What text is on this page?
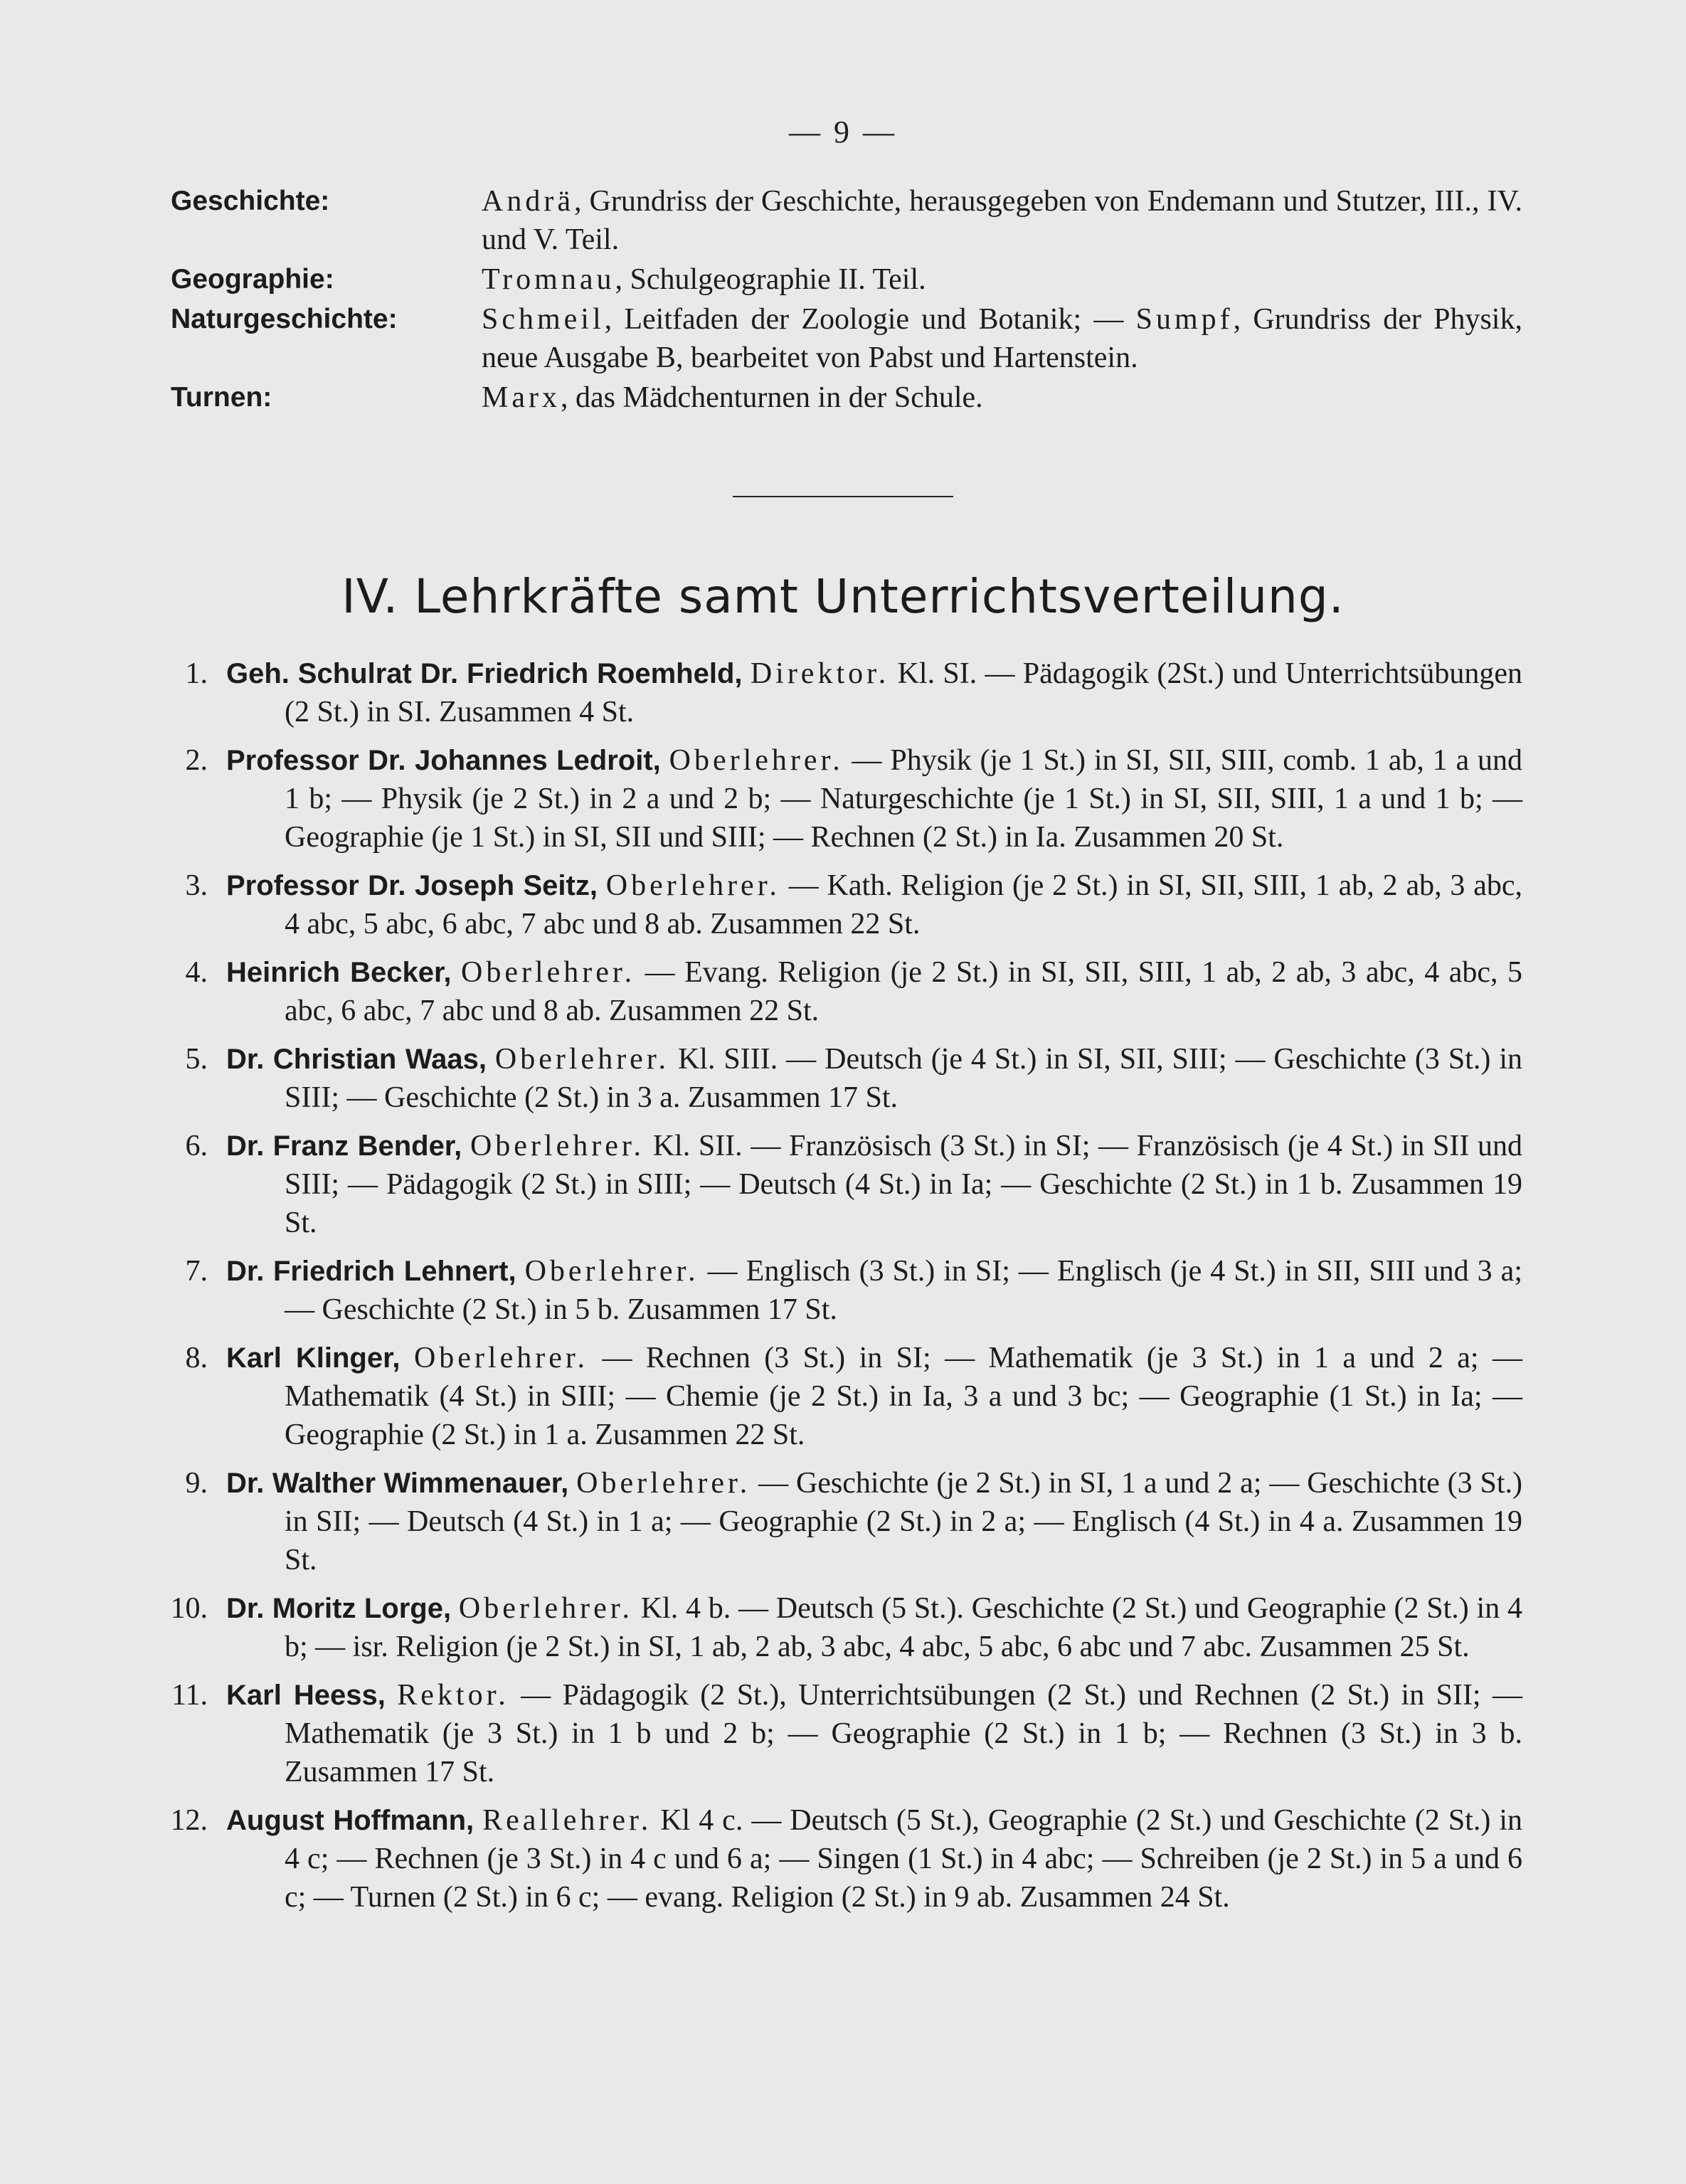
— 9 —
Geschichte:	Andrä, Grundriss der Geschichte, herausgegeben von Endemann und Stutzer, III., IV. und V. Teil.
Geographie:	Tromnau, Schulgeographie II. Teil.
Naturgeschichte:	Schmeil, Leitfaden der Zoologie und Botanik; — Sumpf, Grundriss der Physik, neue Ausgabe B, bearbeitet von Pabst und Hartenstein.
Turnen:	Marx, das Mädchenturnen in der Schule.
IV. Lehrkräfte samt Unterrichtsverteilung.
1. Geh. Schulrat Dr. Friedrich Roemheld, Direktor. Kl. SI. — Pädagogik (2St.) und Unterrichtsübungen (2 St.) in SI. Zusammen 4 St.
2. Professor Dr. Johannes Ledroit, Oberlehrer. — Physik (je 1 St.) in SI, SII, SIII, comb. 1 ab, 1 a und 1 b; — Physik (je 2 St.) in 2 a und 2 b; — Naturgeschichte (je 1 St.) in SI, SII, SIII, 1 a und 1 b; — Geographie (je 1 St.) in SI, SII und SIII; — Rechnen (2 St.) in Ia. Zusammen 20 St.
3. Professor Dr. Joseph Seitz, Oberlehrer. — Kath. Religion (je 2 St.) in SI, SII, SIII, 1 ab, 2 ab, 3 abc, 4 abc, 5 abc, 6 abc, 7 abc und 8 ab. Zusammen 22 St.
4. Heinrich Becker, Oberlehrer. — Evang. Religion (je 2 St.) in SI, SII, SIII, 1 ab, 2 ab, 3 abc, 4 abc, 5 abc, 6 abc, 7 abc und 8 ab. Zusammen 22 St.
5. Dr. Christian Waas, Oberlehrer. Kl. SIII. — Deutsch (je 4 St.) in SI, SII, SIII; — Geschichte (3 St.) in SIII; — Geschichte (2 St.) in 3 a. Zusammen 17 St.
6. Dr. Franz Bender, Oberlehrer. Kl. SII. — Französisch (3 St.) in SI; — Französisch (je 4 St.) in SII und SIII; — Pädagogik (2 St.) in SIII; — Deutsch (4 St.) in Ia; — Geschichte (2 St.) in 1 b. Zusammen 19 St.
7. Dr. Friedrich Lehnert, Oberlehrer. — Englisch (3 St.) in SI; — Englisch (je 4 St.) in SII, SIII und 3 a; — Geschichte (2 St.) in 5 b. Zusammen 17 St.
8. Karl Klinger, Oberlehrer. — Rechnen (3 St.) in SI; — Mathematik (je 3 St.) in 1 a und 2 a; — Mathematik (4 St.) in SIII; — Chemie (je 2 St.) in Ia, 3 a und 3 bc; — Geographie (1 St.) in Ia; — Geographie (2 St.) in 1 a. Zusammen 22 St.
9. Dr. Walther Wimmenauer, Oberlehrer. — Geschichte (je 2 St.) in SI, 1 a und 2 a; — Geschichte (3 St.) in SII; — Deutsch (4 St.) in 1 a; — Geographie (2 St.) in 2 a; — Englisch (4 St.) in 4 a. Zusammen 19 St.
10. Dr. Moritz Lorge, Oberlehrer. Kl. 4 b. — Deutsch (5 St.). Geschichte (2 St.) und Geographie (2 St.) in 4 b; — isr. Religion (je 2 St.) in SI, 1 ab, 2 ab, 3 abc, 4 abc, 5 abc, 6 abc und 7 abc. Zusammen 25 St.
11. Karl Heess, Rektor. — Pädagogik (2 St.), Unterrichtsübungen (2 St.) und Rechnen (2 St.) in SII; — Mathematik (je 3 St.) in 1 b und 2 b; — Geographie (2 St.) in 1 b; — Rechnen (3 St.) in 3 b. Zusammen 17 St.
12. August Hoffmann, Reallehrer. Kl 4 c. — Deutsch (5 St.), Geographie (2 St.) und Geschichte (2 St.) in 4 c; — Rechnen (je 3 St.) in 4 c und 6 a; — Singen (1 St.) in 4 abc; — Schreiben (je 2 St.) in 5 a und 6 c; — Turnen (2 St.) in 6 c; — evang. Religion (2 St.) in 9 ab. Zusammen 24 St.
